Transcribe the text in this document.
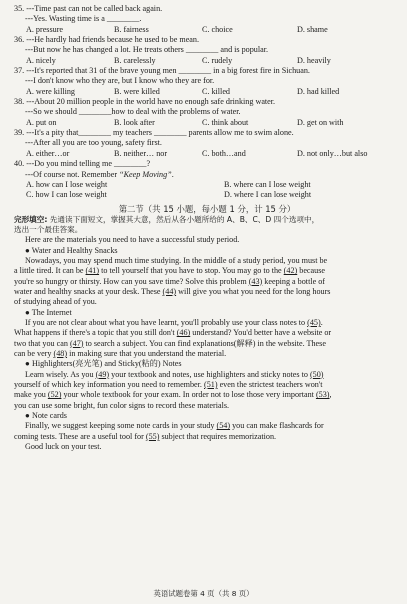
35. ---Time past can not be called back again.
---Yes. Wasting time is a ________.
A. pressure	B. fairness	C. choice	D. shame
36. ---He hardly had friends because he used to be mean.
---But now he has changed a lot. He treats others ________ and is popular.
A. nicely	B. carelessly	C. rudely	D. heavily
37. ---It's reported that 31 of the brave young men ________ in a big forest fire in Sichuan.
---I don't know who they are, but I know who they are for.
A. were killing	B. were killed	C. killed	D. had killed
38. ---About 20 million people in the world have no enough safe drinking water.
---So we should ________how to deal with the problems of water.
A. put on	B. look after	C. think about	D. get on with
39. ---It's a pity that________ my teachers ________ parents allow me to swim alone.
---After all you are too young, safety first.
A. either…or	B. neither… nor	C. both…and	D. not only…but also
40. ---Do you mind telling me ________?
---Of course not. Remember “Keep Moving”.
A. how can I lose weight	B. where can I lose weight
C. how I can lose weight	D. where I can lose weight
第二节（共 15 小题，每小题 1 分，计 15 分）
完形填空: 先通读下面短文，掌握其大意，然后从各小题所给的 A、B、C、D 四个选项中，
选出一个最佳答案。
Here are the materials you need to have a successful study period.
● Water and Healthy Snacks
Nowadays, you may spend much time studying. In the middle of a study period, you must be
a little tired. It can be (41) to tell yourself that you have to stop. You may go to the (42) because
you're so hungry or thirsty. How can you save time? Solve this problem (43) keeping a bottle of
water and healthy snacks at your desk. These (44) will give you what you need for the long hours
of studying ahead of you.
● The Internet
If you are not clear about what you have learnt, you'll probably use your class notes to (45).
What happens if there's a topic that you still don't (46) understand? You'd better have a website or
two that you can (47) to search a subject. You can find explanations(解释) in the website. These
can be very (48) in making sure that you understand the material.
● Highlighters(亮光笔) and Sticky(粘的) Notes
Learn wisely. As you (49) your textbook and notes, use highlighters and sticky notes to (50)
yourself of which key information you need to remember. (51) even the strictest teachers won't
make you (52) your whole textbook for your exam. In order not to lose those very important (53),
you can use some bright, fun color signs to record these materials.
● Note cards
Finally, we suggest keeping some note cards in your study (54) you can make flashcards for
coming tests. These are a useful tool for (55) subject that requires memorization.
Good luck on your test.
英语试题卷第 4 页（共 8 页）
